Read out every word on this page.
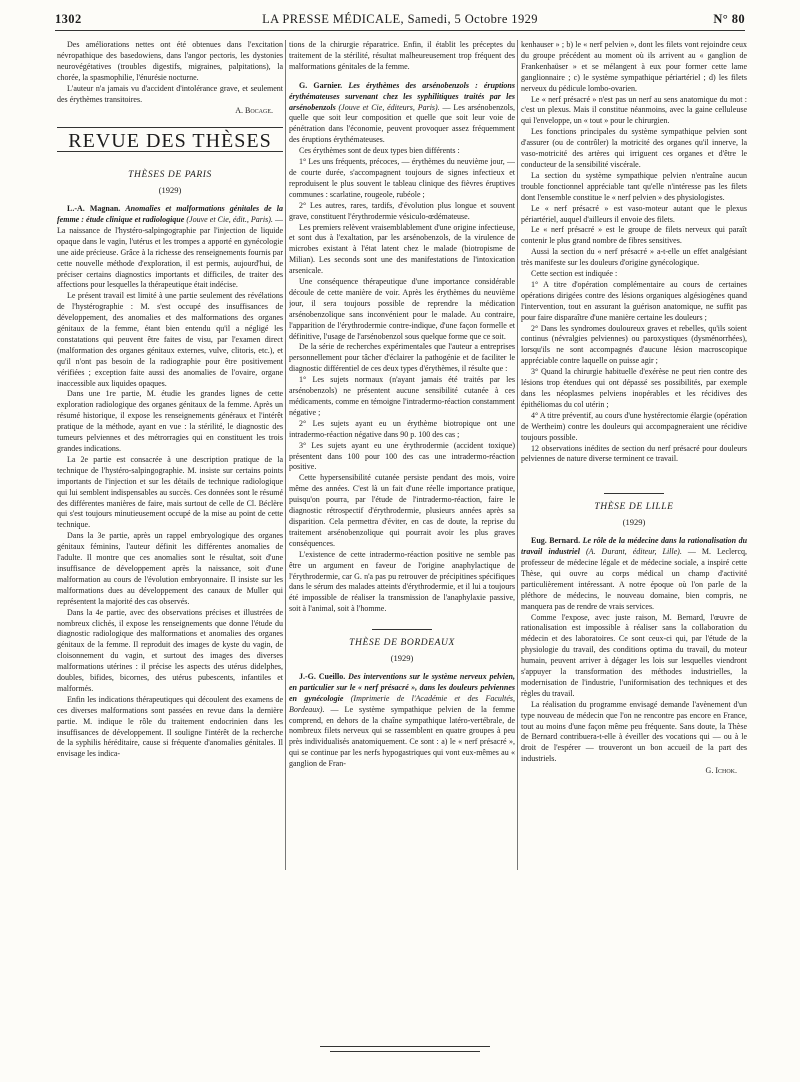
1302	LA PRESSE MÉDICALE, Samedi, 5 Octobre 1929	N° 80

Des améliorations nettes ont été obtenues dans l'excitation névropathique des basedowiens, dans l'angor pectoris, les dystonies neurovégétatives (troubles digestifs, migraines, palpitations), la chorée, la spasmophilie, l'énurésie nocturne.

L'auteur n'a jamais vu d'accident d'intolérance grave, et seulement des érythèmes transitoires.

A. Bocage.
REVUE DES THÈSES
THÈSES DE PARIS
(1929)

L.-A. Magnan. Anomalies et malformations génitales de la femme : étude clinique et radiologique (Jouve et Cie, édit., Paris). — La naissance de l'hystéro-salpingographie par l'injection de liquide opaque dans le vagin, l'utérus et les trompes a apporté en gynécologie une aide précieuse. Grâce à la richesse des renseignements fournis par cette nouvelle méthode d'exploration, il est permis, aujourd'hui, de préciser certains diagnostics importants et difficiles, de traiter des affections pour lesquelles la thérapeutique était indécise.

Le présent travail est limité à une partie seulement des révélations de l'hystérographie : M. s'est occupé des insuffisances de développement, des anomalies et des malformations des organes génitaux de la femme, étant bien entendu qu'il a négligé les constatations qui peuvent être faites de visu, par l'examen direct (malformation des organes génitaux externes, vulve, clitoris, etc.), et qu'il n'ont pas besoin de la radiographie pour être positivement vérifiées ; exception faite aussi des anomalies de l'ovaire, organe inaccessible aux liquides opaques.

Dans une 1re partie, M. étudie les grandes lignes de cette exploration radiologique des organes génitaux de la femme. Après un résumé historique, il expose les renseignements généraux et l'intérêt pratique de la méthode, ayant en vue : la stérilité, le diagnostic des tumeurs pelviennes et des métrorragies qui en constituent les trois grandes indications.

La 2e partie est consacrée à une description pratique de la technique de l'hystéro-salpingographie. M. insiste sur certains points importants de l'injection et sur les détails de technique radiologique qui lui semblent indispensables au succès. Ces données sont le résumé des différentes manières de faire, mais surtout de celle de Cl. Béclère qui s'est toujours minutieusement occupé de la mise au point de cette technique.

Dans la 3e partie, après un rappel embryologique des organes génitaux féminins, l'auteur définit les différentes anomalies de l'adulte. Il montre que ces anomalies sont le résultat, soit d'une insuffisance de développement après la naissance, soit d'une malformation au cours de l'évolution embryonnaire. Il insiste sur les malformations dues au développement des canaux de Muller qui représentent la majorité des cas observés.

Dans la 4e partie, avec des observations précises et illustrées de nombreux clichés, il expose les renseignements que donne l'étude du diagnostic radiologique des malformations et anomalies des organes génitaux de la femme. Il reproduit des images de kyste du vagin, de cloisonnement du vagin, et surtout des images des diverses malformations utérines : il précise les aspects des utérus didelphes, doubles, bifides, bicornes, des utérus pubescents, infantiles et malformés.

Enfin les indications thérapeutiques qui découlent des examens de ces diverses malformations sont passées en revue dans la dernière partie. M. indique le rôle du traitement endocrinien dans les insuffisances de développement. Il souligne l'intérêt de la recherche de la syphilis héréditaire, cause si fréquente d'anomalies génitales. Il envisage les indica-

tions de la chirurgie réparatrice. Enfin, il établit les préceptes du traitement de la stérilité, résultat malheureusement trop fréquent des malformations génitales de la femme.

G. Garnier. Les érythèmes des arsénobenzols : éruptions érythémateuses survenant chez les syphilitiques traités par les arsénobenzols (Jouve et Cie, éditeurs, Paris). — Les arsénobenzols, quelle que soit leur composition et quelle que soit leur voie de pénétration dans l'économie, peuvent provoquer assez fréquemment des éruptions érythémateuses.

Ces érythèmes sont de deux types bien différents :

1° Les uns fréquents, précoces, — érythèmes du neuvième jour, — de courte durée, s'accompagnent toujours de signes infectieux et reproduisent le plus souvent le tableau clinique des fièvres éruptives communes : scarlatine, rougeole, rubéole ;

2° Les autres, rares, tardifs, d'évolution plus longue et souvent grave, constituent l'érythrodermie vésiculo-œdémateuse.

Les premiers relèvent vraisemblablement d'une origine infectieuse, et sont dus à l'exaltation, par les arsénobenzols, de la virulence de microbes existant à l'état latent chez le malade (biotropisme de Milian). Les seconds sont une des manifestations de l'intoxication arsenicale.

Une conséquence thérapeutique d'une importance considérable découle de cette manière de voir. Après les érythèmes du neuvième jour, il sera toujours possible de reprendre la médication arsénobenzolique sans inconvénient pour le malade. Au contraire, l'apparition de l'érythrodermie contre-indique, d'une façon formelle et définitive, l'usage de l'arsénobenzol sous quelque forme que ce soit.

De la série de recherches expérimentales que l'auteur a entreprises personnellement pour tâcher d'éclairer la pathogénie et de faciliter le diagnostic différentiel de ces deux types d'érythèmes, il résulte que :

1° Les sujets normaux (n'ayant jamais été traités par les arsénobenzols) ne présentent aucune sensibilité cutanée à ces médicaments, comme en témoigne l'intradermo-réaction constamment négative ;

2° Les sujets ayant eu un érythème biotropique ont une intradermo-réaction négative dans 90 p. 100 des cas ;

3° Les sujets ayant eu une érythrodermie (accident toxique) présentent dans 100 pour 100 des cas une intradermo-réaction positive.

Cette hypersensibilité cutanée persiste pendant des mois, voire même des années. C'est là un fait d'une réelle importance pratique, puisqu'on pourra, par l'étude de l'intradermo-réaction, faire le diagnostic rétrospectif d'érythrodermie, plusieurs années après sa disparition. Cela permettra d'éviter, en cas de doute, la reprise du traitement arsénobenzolique qui pourrait avoir les plus graves conséquences.

L'existence de cette intradermo-réaction positive ne semble pas être un argument en faveur de l'origine anaphylactique de l'érythrodermie, car G. n'a pas pu retrouver de précipitines spécifiques dans le sérum des malades atteints d'érythrodermie, et il lui a toujours été impossible de réaliser la transmission de l'anaphylaxie passive, soit à l'animal, soit à l'homme.

THÈSE DE BORDEAUX
(1929)

J.-G. Cueillo. Des interventions sur le système nerveux pelvien, en particulier sur le « nerf présacré », dans les douleurs pelviennes en gynécologie (Imprimerie de l'Académie et des Facultés, Bordeaux). — Le système sympathique pelvien de la femme comprend, en dehors de la chaîne sympathique latéro-vertébrale, de nombreux filets nerveux qui se rassemblent en quatre groupes à peu près individualisés anatomiquement. Ce sont : a) le « nerf présacré », qui se continue par les nerfs hypogastriques qui vont eux-mêmes au « ganglion de Fran-

kenhauser » ; b) le « nerf pelvien », dont les filets vont rejoindre ceux du groupe précédent au moment où ils arrivent au « ganglion de Frankenhaüser » et se mélangent à eux pour former cette lame ganglionnaire ; c) le système sympathique périartériel ; d) les filets nerveux du pédicule lombo-ovarien.

Le « nerf présacré » n'est pas un nerf au sens anatomique du mot : c'est un plexus. Mais il constitue néanmoins, avec la gaine celluleuse qui l'enveloppe, un « tout » pour le chirurgien.

Les fonctions principales du système sympathique pelvien sont d'assurer (ou de contrôler) la motricité des organes qu'il innerve, la vaso-motricité des artères qui irriguent ces organes et d'être le conducteur de la sensibilité viscérale.

La section du système sympathique pelvien n'entraîne aucun trouble fonctionnel appréciable tant qu'elle n'intéresse pas les filets dont l'ensemble constitue le « nerf pelvien » des physiologistes.

Le « nerf présacré » est vaso-moteur autant que le plexus périartériel, auquel d'ailleurs il envoie des filets.

Le « nerf présacré » est le groupe de filets nerveux qui paraît contenir le plus grand nombre de fibres sensitives.

Aussi la section du « nerf présacré » a-t-elle un effet analgésiant très manifeste sur les douleurs d'origine gynécologique.

Cette section est indiquée :

1° A titre d'opération complémentaire au cours de certaines opérations dirigées contre des lésions organiques algésiogènes quand l'intervention, tout en assurant la guérison anatomique, ne suffit pas pour faire disparaître d'une manière certaine les douleurs ;

2° Dans les syndromes douloureux graves et rebelles, qu'ils soient continus (névralgies pelviennes) ou paroxystiques (dysménorrhées), lorsqu'ils ne sont accompagnés d'aucune lésion macroscopique appréciable contre laquelle on puisse agir ;

3° Quand la chirurgie habituelle d'exérèse ne peut rien contre des lésions trop étendues qui ont dépassé ses possibilités, par exemple dans les néoplasmes pelviens inopérables et les récidives des épithéliomas du col utérin ;

4° A titre préventif, au cours d'une hystérectomie élargie (opération de Wertheim) contre les douleurs qui accompagneraient une récidive toujours possible.

12 observations inédites de section du nerf présacré pour douleurs pelviennes de nature diverse terminent ce travail.

THÈSE DE LILLE
(1929)

Eug. Bernard. Le rôle de la médecine dans la rationalisation du travail industriel (A. Durant, éditeur, Lille). — M. Leclercq, professeur de médecine légale et de médecine sociale, a inspiré cette Thèse, qui ouvre au corps médical un champ d'activité particulièrement intéressant. A notre époque où l'on parle de la pléthore de médecins, le nouveau domaine, bien compris, ne manquera pas de rendre de vrais services.

Comme l'expose, avec juste raison, M. Bernard, l'œuvre de rationalisation est impossible à réaliser sans la collaboration du médecin et des laboratoires. Ce sont ceux-ci qui, par l'étude de la physiologie du travail, des conditions optima du travail, du moteur humain, peuvent arriver à dégager les lois sur lesquelles viendront s'appuyer la transformation des méthodes industrielles, la modernisation de l'industrie, l'uniformisation des techniques et des règles du travail.

La réalisation du programme envisagé demande l'avènement d'un type nouveau de médecin que l'on ne rencontre pas encore en France, tout au moins d'une façon même peu fréquente. Sans doute, la Thèse de Bernard contribuera-t-elle à éveiller des vocations qui — ou à le droit de l'espérer — trouveront un bon accueil de la part des industriels.

G. Ichok.
